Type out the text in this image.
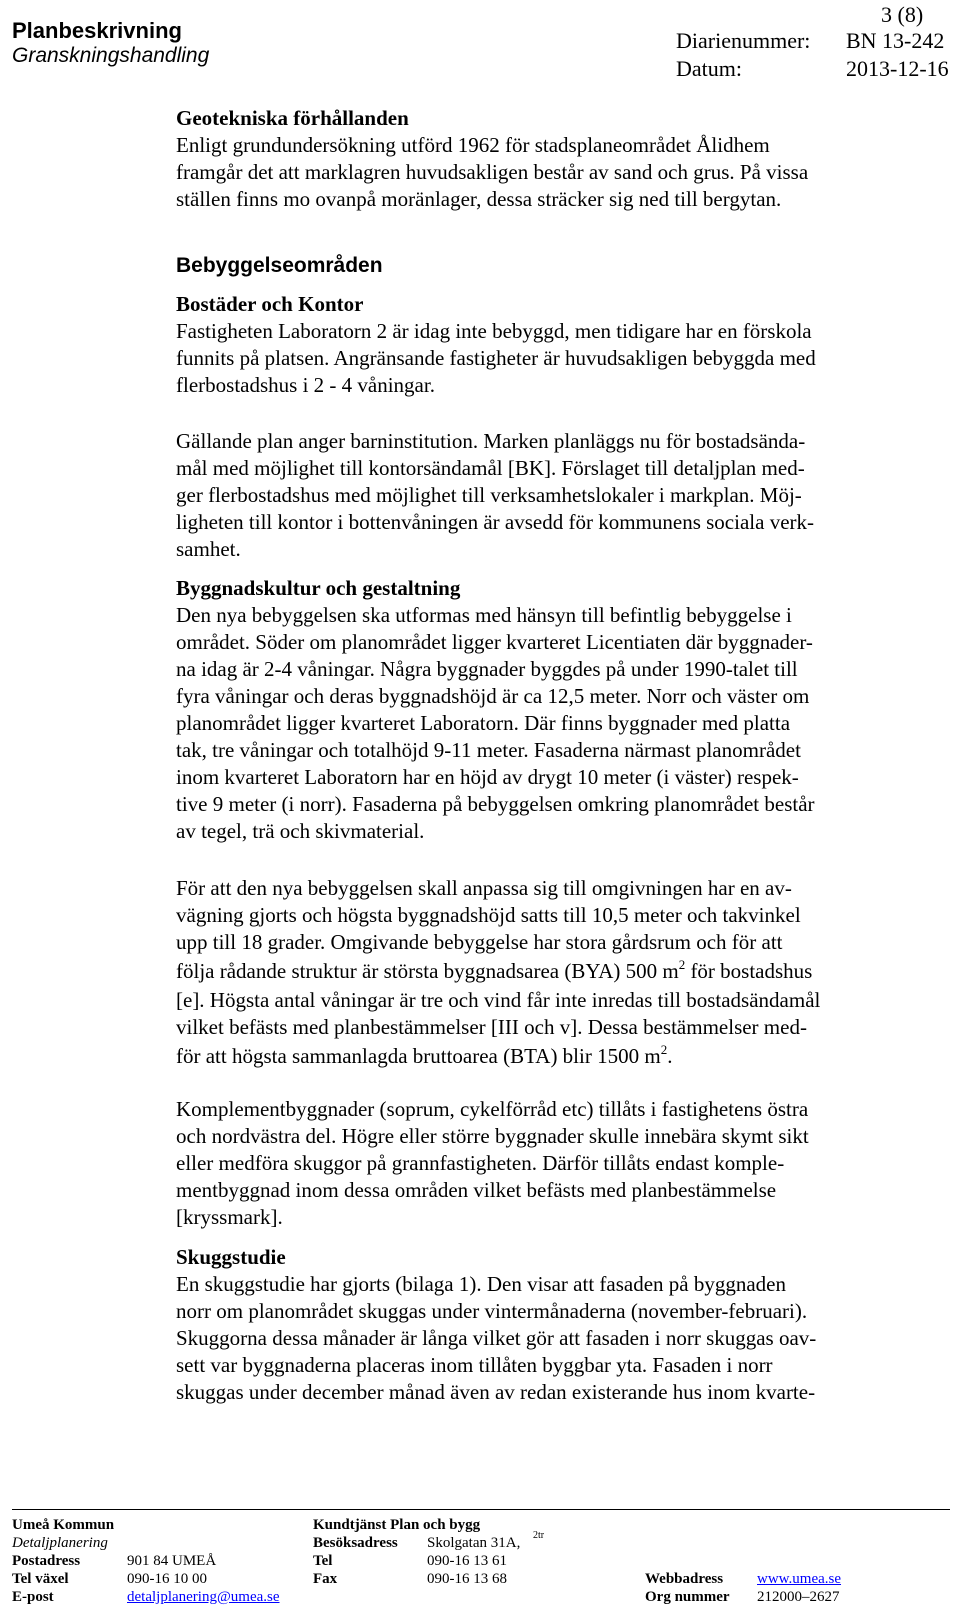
Planbeskrivning
Granskningshandling
3 (8)
Diarienummer: BN 13-242
Datum:	2013-12-16
Geotekniska förhållanden
Enligt grundundersökning utförd 1962 för stadsplaneområdet Ålidhem
framgår det att marklagren huvudsakligen består av sand och grus. På vissa
ställen finns mo ovanpå moränlager, dessa sträcker sig ned till bergytan.
Bebyggelseområden
Bostäder och Kontor
Fastigheten Laboratorn 2 är idag inte bebyggd, men tidigare har en förskola
funnits på platsen. Angränsande fastigheter är huvudsakligen bebyggda med
flerbostadshus i 2 - 4 våningar.
Gällande plan anger barninstitution. Marken planläggs nu för bostadsända-
mål med möjlighet till kontorsändamål [BK]. Förslaget till detaljplan med-
ger flerbostadshus med möjlighet till verksamhetslokaler i markplan. Möj-
ligheten till kontor i bottenvåningen är avsedd för kommunens sociala verk-
samhet.
Byggnadskultur och gestaltning
Den nya bebyggelsen ska utformas med hänsyn till befintlig bebyggelse i
området. Söder om planområdet ligger kvarteret Licentiaten där byggnader-
na idag är 2-4 våningar. Några byggnader byggdes på under 1990-talet till
fyra våningar och deras byggnadshöjd är ca 12,5 meter. Norr och väster om
planområdet ligger kvarteret Laboratorn. Där finns byggnader med platta
tak, tre våningar och totalhöjd 9-11 meter. Fasaderna närmast planområdet
inom kvarteret Laboratorn har en höjd av drygt 10 meter (i väster) respek-
tive 9 meter (i norr). Fasaderna på bebyggelsen omkring planområdet består
av tegel, trä och skivmaterial.
För att den nya bebyggelsen skall anpassa sig till omgivningen har en av-
vägning gjorts och högsta byggnadshöjd satts till 10,5 meter och takvinkel
upp till 18 grader. Omgivande bebyggelse har stora gårdsrum och för att
följa rådande struktur är största byggnadsarea (BYA) 500 $m^2$ för bostadshus
[e]. Högsta antal våningar är tre och vind får inte inredas till bostadsändamål
vilket befästs med planbestämmelser [III och v]. Dessa bestämmelser med-
för att högsta sammanlagda bruttoarea (BTA) blir 1500 $m^2$.
Komplementbyggnader (soprum, cykelförråd etc) tillåts i fastighetens östra
och nordvästra del. Högre eller större byggnader skulle innebära skymt sikt
eller medföra skuggor på grannfastigheten. Därför tillåts endast komple-
mentbyggnad inom dessa områden vilket befästs med planbestämmelse
[kryssmark].
Skuggstudie
En skuggstudie har gjorts (bilaga 1). Den visar att fasaden på byggnaden
norr om planområdet skuggas under vintermånaderna (november-februari).
Skuggorna dessa månader är långa vilket gör att fasaden i norr skuggas oav-
sett var byggnaderna placeras inom tillåten byggbar yta. Fasaden i norr
skuggas under december månad även av redan existerande hus inom kvarte-
Umeå Kommun
Detaljplanering
Postadress	901 84 UMEÅ
Tel växel	090-16 10 00
E-post	detaljplanering@umea.se
Kundtjänst Plan och bygg
Besöksadress Skolgatan 31A, 2tr
Tel	090-16 13 61
Fax	090-16 13 68	Webbadress www.umea.se
Org nummer 212000–2627
